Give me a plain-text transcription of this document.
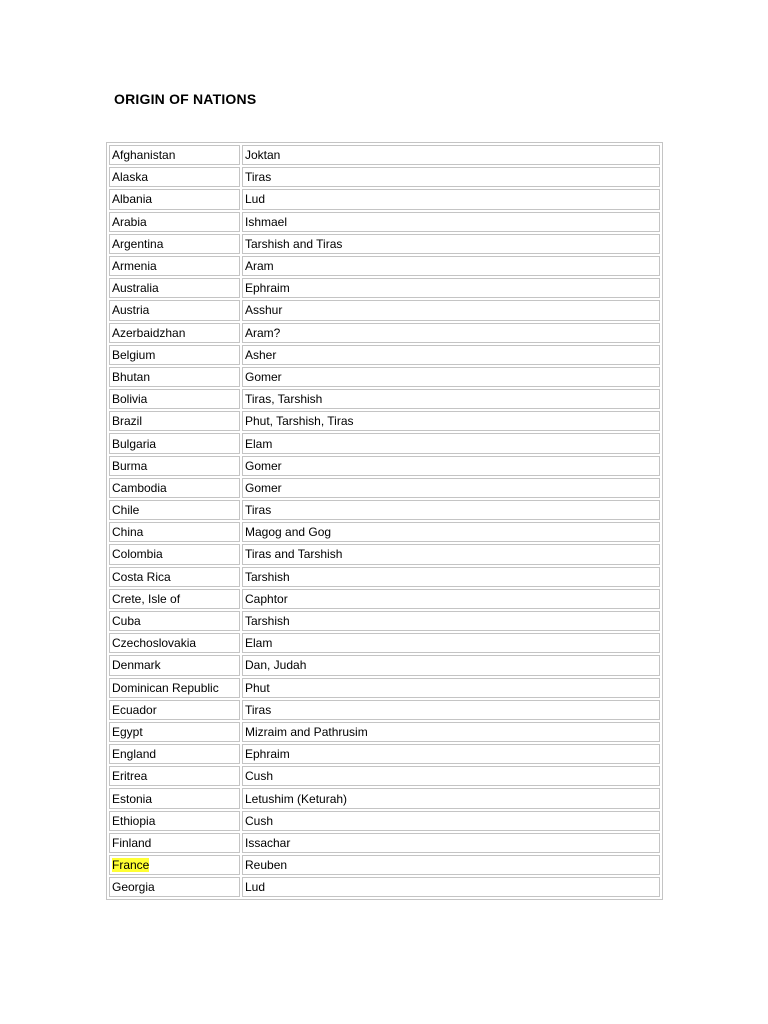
ORIGIN OF NATIONS
Afghanistan	Joktan
Alaska	Tiras
Albania	Lud
Arabia	Ishmael
Argentina	Tarshish and Tiras
Armenia	Aram
Australia	Ephraim
Austria	Asshur
Azerbaidzhan	Aram?
Belgium	Asher
Bhutan	Gomer
Bolivia	Tiras, Tarshish
Brazil	Phut, Tarshish, Tiras
Bulgaria	Elam
Burma	Gomer
Cambodia	Gomer
Chile	Tiras
China	Magog and Gog
Colombia	Tiras and Tarshish
Costa Rica	Tarshish
Crete, Isle of	Caphtor
Cuba	Tarshish
Czechoslovakia	Elam
Denmark	Dan, Judah
Dominican Republic	Phut
Ecuador	Tiras
Egypt	Mizraim and Pathrusim
England	Ephraim
Eritrea	Cush
Estonia	Letushim (Keturah)
Ethiopia	Cush
Finland	Issachar
France	Reuben
Georgia	Lud
